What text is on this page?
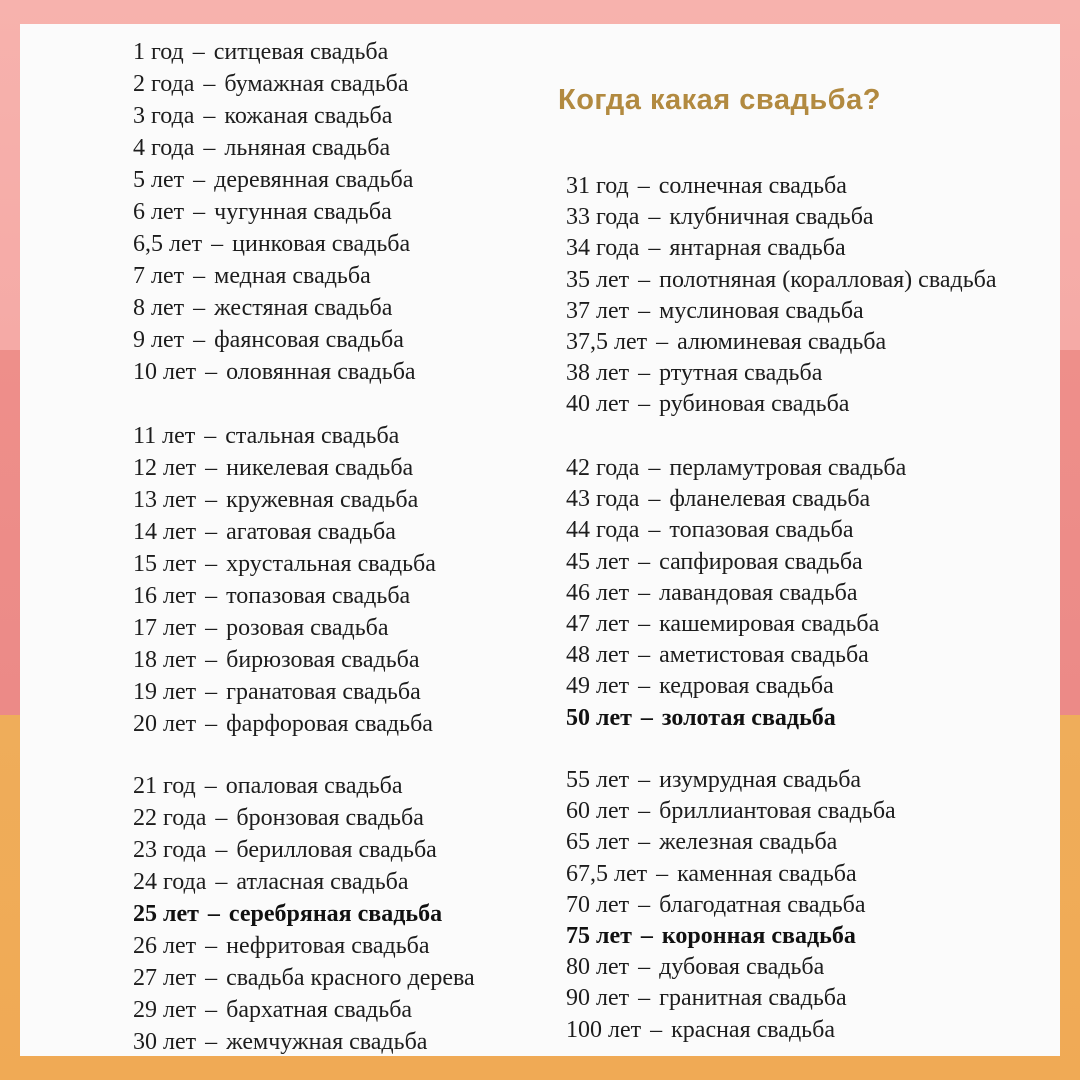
Когда какая свадьба?
1 год – ситцевая свадьба
2 года – бумажная свадьба
3 года – кожаная свадьба
4 года – льняная свадьба
5 лет – деревянная свадьба
6 лет – чугунная свадьба
6,5 лет – цинковая свадьба
7 лет – медная свадьба
8 лет – жестяная свадьба
9 лет – фаянсовая свадьба
10 лет – оловянная свадьба
11 лет – стальная свадьба
12 лет – никелевая свадьба
13 лет – кружевная свадьба
14 лет – агатовая свадьба
15 лет – хрустальная свадьба
16 лет – топазовая свадьба
17 лет – розовая свадьба
18 лет – бирюзовая свадьба
19 лет – гранатовая свадьба
20 лет – фарфоровая свадьба
21 год – опаловая свадьба
22 года – бронзовая свадьба
23 года – берилловая свадьба
24 года – атласная свадьба
25 лет – серебряная свадьба
26 лет – нефритовая свадьба
27 лет – свадьба красного дерева
29 лет – бархатная свадьба
30 лет – жемчужная свадьба
31 год – солнечная свадьба
33 года – клубничная свадьба
34 года – янтарная свадьба
35 лет – полотняная (коралловая) свадьба
37 лет – муслиновая свадьба
37,5 лет – алюминевая свадьба
38 лет – ртутная свадьба
40 лет – рубиновая свадьба
42 года – перламутровая свадьба
43 года – фланелевая свадьба
44 года – топазовая свадьба
45 лет – сапфировая свадьба
46 лет – лавандовая свадьба
47 лет – кашемировая свадьба
48 лет – аметистовая свадьба
49 лет – кедровая свадьба
50 лет – золотая свадьба
55 лет – изумрудная свадьба
60 лет – бриллиантовая свадьба
65 лет – железная свадьба
67,5 лет – каменная свадьба
70 лет – благодатная свадьба
75 лет – коронная свадьба
80 лет – дубовая свадьба
90 лет – гранитная свадьба
100 лет – красная свадьба
